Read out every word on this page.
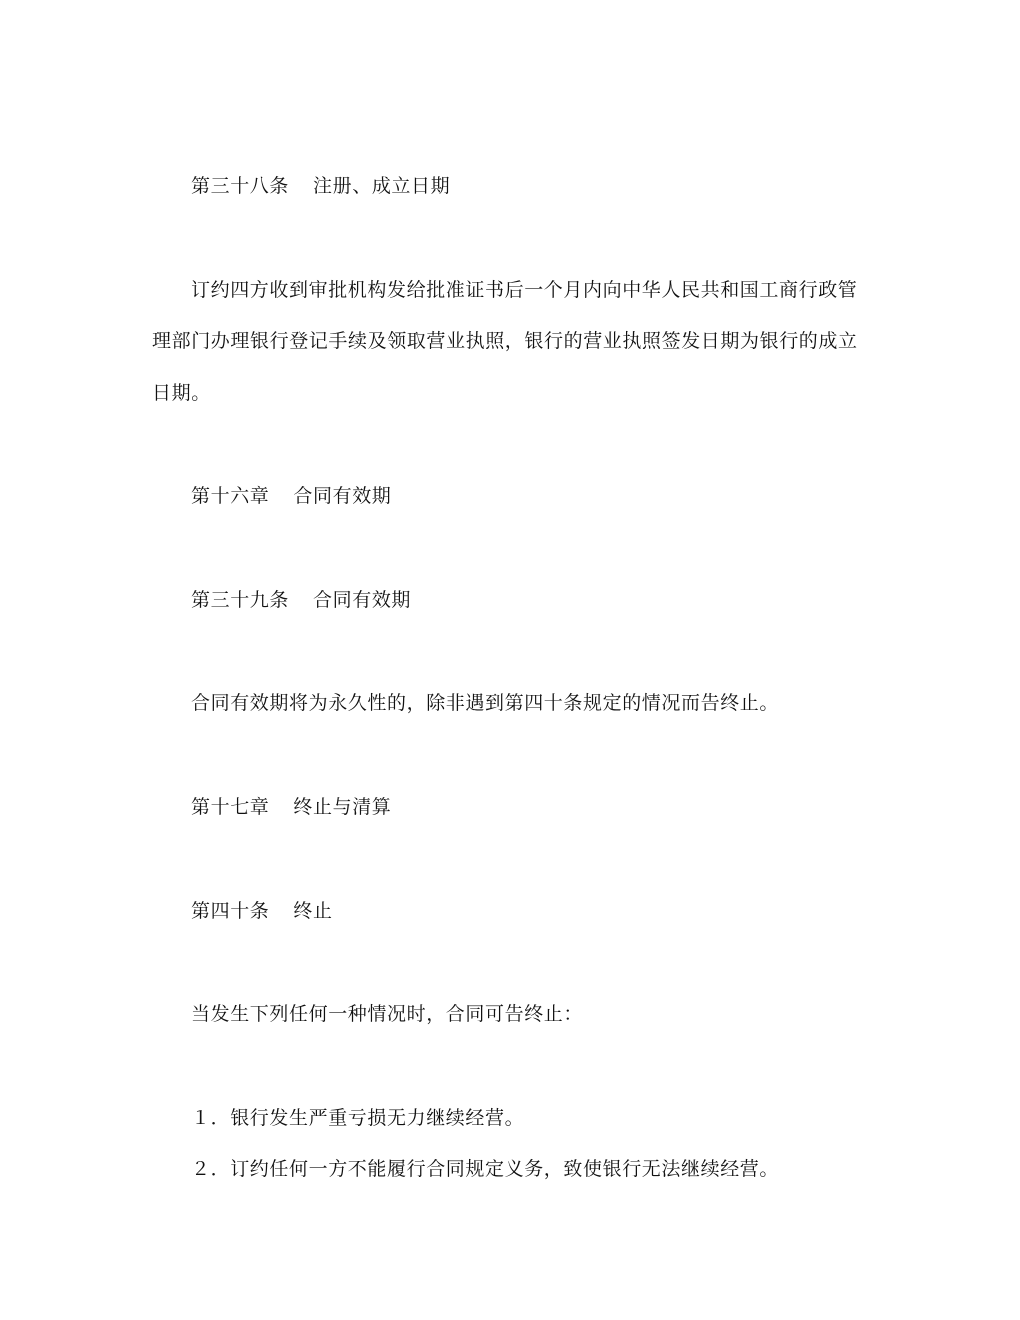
第三十八条 注册、成立日期
订约四方收到审批机构发给批准证书后一个月内向中华人民共和国工商行政管
理部门办理银行登记手续及领取营业执照，银行的营业执照签发日期为银行的成立
日期。
第十六章 合同有效期
第三十九条 合同有效期
合同有效期将为永久性的，除非遇到第四十条规定的情况而告终止。
第十七章 终止与清算
第四十条 终止
当发生下列任何一种情况时，合同可告终止：
１．银行发生严重亏损无力继续经营。
２．订约任何一方不能履行合同规定义务，致使银行无法继续经营。
